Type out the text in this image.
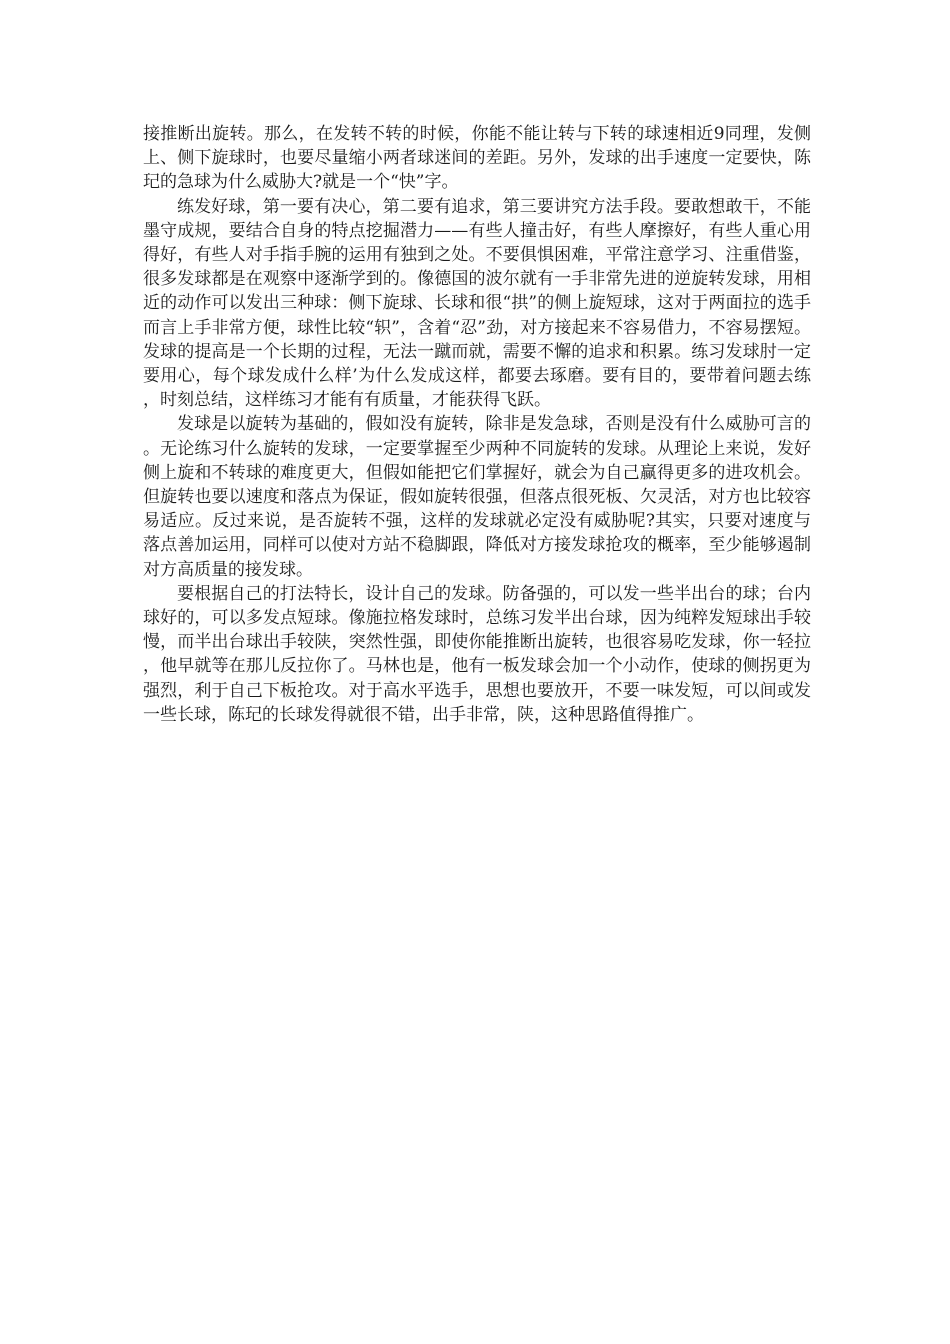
接推断出旋转。那么，在发转不转的时候，你能不能让转与下转的球速相近9同理，发侧上、侧下旋球时，也要尽量缩小两者球迷间的差距。另外，发球的出手速度一定要快，陈玘的急球为什么威胁大?就是一个“快”字。

练发好球，第一要有决心，第二要有追求，第三要讲究方法手段。要敢想敢干，不能墨守成规，要结合自身的特点挖掘潜力——有些人撞击好，有些人摩擦好，有些人重心用得好，有些人对手指手腕的运用有独到之处。不要俱惧困难，平常注意学习、注重借鉴，很多发球都是在观察中逐渐学到的。像德国的波尔就有一手非常先进的逆旋转发球，用相近的动作可以发出三种球：侧下旋球、长球和很“拱”的侧上旋短球，这对于两面拉的选手而言上手非常方便，球性比较“轵”，含着“忍”劲，对方接起来不容易借力，不容易摆短。发球的提高是一个长期的过程，无法一蹴而就，需要不懈的追求和积累。练习发球肘一定要用心，每个球发成什么样’为什么发成这样，都要去琢磨。要有目的，要带着问题去练，时刻总结，这样练习才能有有质量，才能获得飞跃。

发球是以旋转为基础的，假如没有旋转，除非是发急球，否则是没有什么威胁可言的。无论练习什么旋转的发球，一定要掌握至少两种不同旋转的发球。从理论上来说，发好侧上旋和不转球的难度更大，但假如能把它们掌握好，就会为自己赢得更多的进攻机会。但旋转也要以速度和落点为保证，假如旋转很强，但落点很死板、欠灵活，对方也比较容易适应。反过来说，是否旋转不强，这样的发球就必定没有威胁呢?其实，只要对速度与落点善加运用，同样可以使对方站不稳脚跟，降低对方接发球抢攻的概率，至少能够遏制对方高质量的接发球。

要根据自己的打法特长，设计自己的发球。防备强的，可以发一些半出台的球；台内球好的，可以多发点短球。像施拉格发球时，总练习发半出台球，因为纯粹发短球出手较慢，而半出台球出手较陕，突然性强，即使你能推断出旋转，也很容易吃发球，你一轻拉，他早就等在那儿反拉你了。马林也是，他有一板发球会加一个小动作，使球的侧拐更为强烈，利于自己下板抢攻。对于高水平选手，思想也要放开，不要一味发短，可以间或发一些长球，陈玘的长球发得就很不错，出手非常，陕，这种思路值得推广。
